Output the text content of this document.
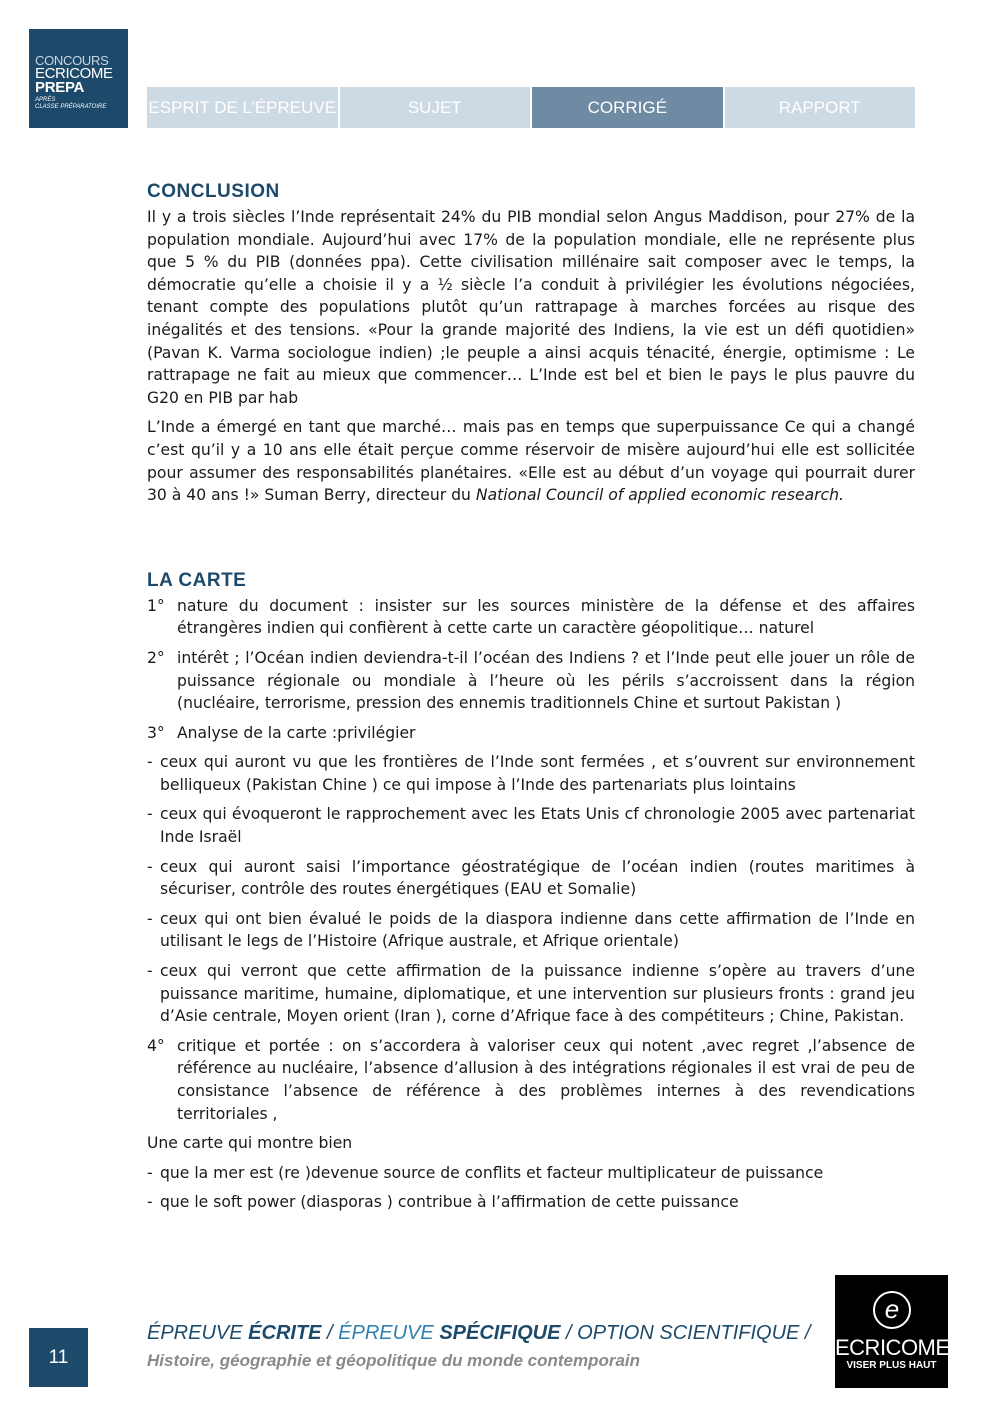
CONCOURS
ECRICOME
PREPA
APRÈS
CLASSE PRÉPARATOIRE	ESPRIT DE L’ÉPREUVE	SUJET	CORRIGÉ	RAPPORT
CONCLUSION

Il y a trois siècles l’Inde représentait 24% du PIB mondial selon Angus Maddison, pour 27% de la population mondiale. Aujourd’hui avec 17% de la population mondiale, elle ne représente plus que 5 % du PIB (données ppa). Cette civilisation millénaire sait composer avec le temps, la démocratie qu’elle a choisie il y a ½ siècle l’a conduit à privilégier les évolutions négociées, tenant compte des populations plutôt qu’un rattrapage à marches forcées au risque des inégalités et des tensions. «Pour la grande majorité des Indiens, la vie est un défi quotidien» (Pavan K. Varma sociologue indien) ;le peuple a ainsi acquis ténacité, énergie, optimisme : Le rattrapage ne fait au mieux que commencer… L’Inde est bel et bien le pays le plus pauvre du G20 en PIB par hab

L’Inde a émergé en tant que marché… mais pas en temps que superpuissance Ce qui a changé c’est qu’il y a 10 ans elle était perçue comme réservoir de misère aujourd’hui elle est sollicitée pour assumer des responsabilités planétaires. «Elle est au début d’un voyage qui pourrait durer 30 à 40 ans !» Suman Berry, directeur du National Council of applied economic research.

LA CARTE
1° nature du document : insister sur les sources ministère de la défense et des affaires étrangères indien qui confièrent à cette carte un caractère géopolitique… naturel
2° intérêt ; l’Océan indien deviendra-t-il l’océan des Indiens ? et l’Inde peut elle jouer un rôle de puissance régionale ou mondiale à l’heure où les périls s’accroissent dans la région (nucléaire, terrorisme, pression des ennemis traditionnels Chine et surtout Pakistan )
3° Analyse de la carte :privilégier
- ceux qui auront vu que les frontières de l’Inde sont fermées , et s’ouvrent sur environnement belliqueux (Pakistan Chine ) ce qui impose à l’Inde des partenariats plus lointains
- ceux qui évoqueront le rapprochement avec les Etats Unis cf chronologie 2005 avec partenariat Inde Israël
- ceux qui auront saisi l’importance géostratégique de l’océan indien (routes maritimes à sécuriser, contrôle des routes énergétiques (EAU et Somalie)
- ceux qui ont bien évalué le poids de la diaspora indienne dans cette affirmation de l’Inde en utilisant le legs de l’Histoire (Afrique australe, et Afrique orientale)
- ceux qui verront que cette affirmation de la puissance indienne s’opère au travers d’une puissance maritime, humaine, diplomatique, et une intervention sur plusieurs fronts : grand jeu d’Asie centrale, Moyen orient (Iran ), corne d’Afrique face à des compétiteurs ; Chine, Pakistan.
4° critique et portée : on s’accordera à valoriser ceux qui notent ,avec regret ,l’absence de référence au nucléaire, l’absence d’allusion à des intégrations régionales il est vrai de peu de consistance l’absence de référence à des problèmes internes à des revendications territoriales ,

Une carte qui montre bien

- que la mer est (re )devenue source de conflits et facteur multiplicateur de puissance
- que le soft power (diasporas ) contribue à l’affirmation de cette puissance
11
ÉPREUVE ÉCRITE / ÉPREUVE SPÉCIFIQUE / OPTION SCIENTIFIQUE /
Histoire, géographie et géopolitique du monde contemporain
e
ECRICOME
VISER PLUS HAUT
